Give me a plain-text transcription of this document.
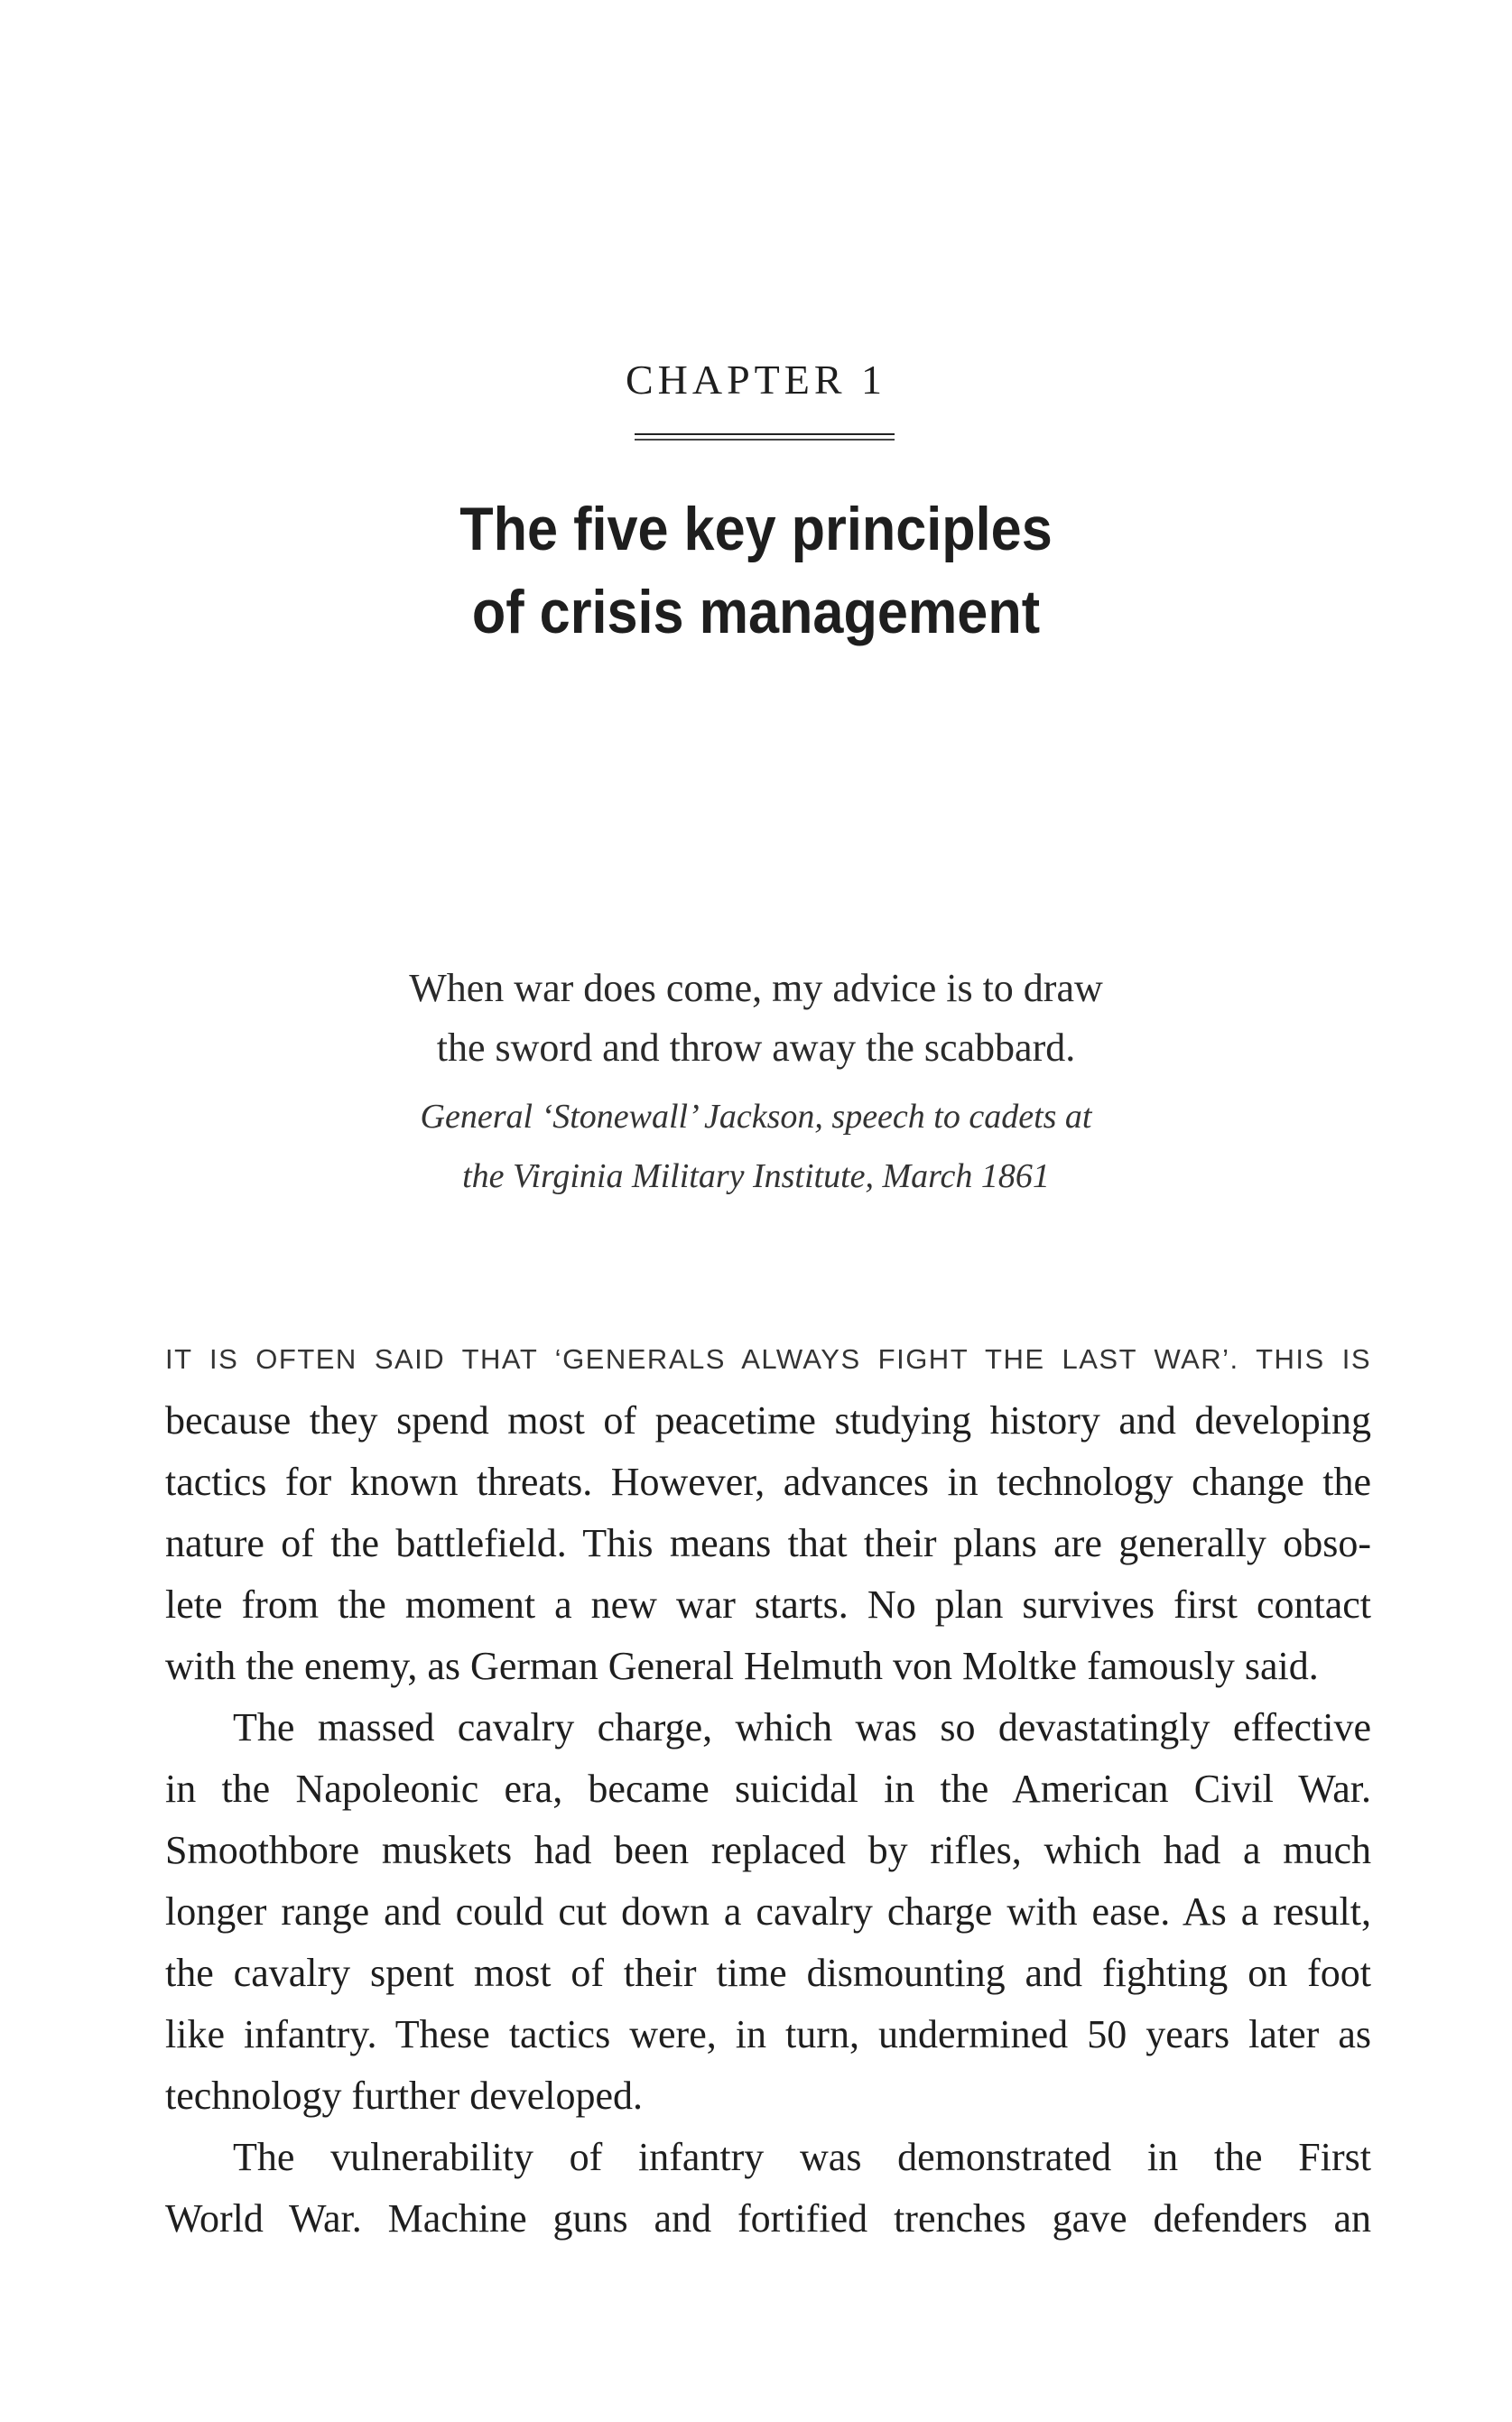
CHAPTER 1
The five key principles
of crisis management

When war does come, my advice is to draw
the sword and throw away the scabbard.

General ‘Stonewall’ Jackson, speech to cadets at
the Virginia Military Institute, March 1861

IT IS OFTEN SAID THAT ‘GENERALS ALWAYS FIGHT THE LAST WAR’. THIS IS
because they spend most of peacetime studying history and developing
tactics for known threats. However, advances in technology change the
nature of the battlefield. This means that their plans are generally obso-
lete from the moment a new war starts. No plan survives first contact
with the enemy, as German General Helmuth von Moltke famously said.
The massed cavalry charge, which was so devastatingly effective
in the Napoleonic era, became suicidal in the American Civil War.
Smoothbore muskets had been replaced by rifles, which had a much
longer range and could cut down a cavalry charge with ease. As a result,
the cavalry spent most of their time dismounting and fighting on foot
like infantry. These tactics were, in turn, undermined 50 years later as
technology further developed.
The vulnerability of infantry was demonstrated in the First
World War. Machine guns and fortified trenches gave defenders an
